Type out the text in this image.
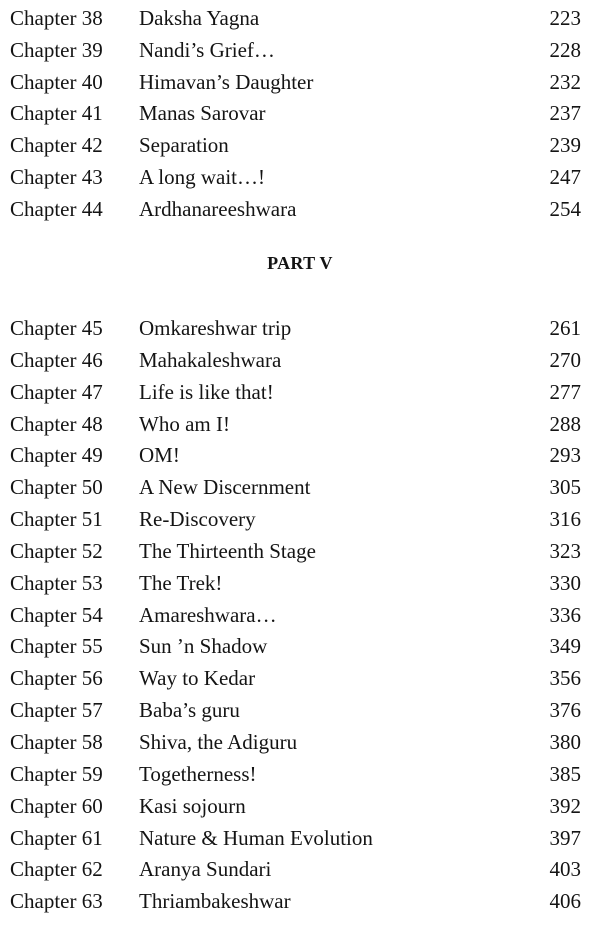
Chapter 38 Daksha Yagna	223
Chapter 39 Nandi’s Grief…	228
Chapter 40 Himavan’s Daughter	232
Chapter 41 Manas Sarovar	237
Chapter 42 Separation	239
Chapter 43 A long wait…!	247
Chapter 44 Ardhanareeshwara	254
PART V
Chapter 45 Omkareshwar trip	261
Chapter 46 Mahakaleshwara	270
Chapter 47 Life is like that!	277
Chapter 48 Who am I!	288
Chapter 49 OM!	293
Chapter 50 A New Discernment	305
Chapter 51 Re-Discovery	316
Chapter 52 The Thirteenth Stage	323
Chapter 53 The Trek!	330
Chapter 54 Amareshwara…	336
Chapter 55 Sun ’n Shadow	349
Chapter 56 Way to Kedar	356
Chapter 57 Baba’s guru	376
Chapter 58 Shiva, the Adiguru	380
Chapter 59 Togetherness!	385
Chapter 60 Kasi sojourn	392
Chapter 61 Nature & Human Evolution	397
Chapter 62 Aranya Sundari	403
Chapter 63 Thriambakeshwar	406
